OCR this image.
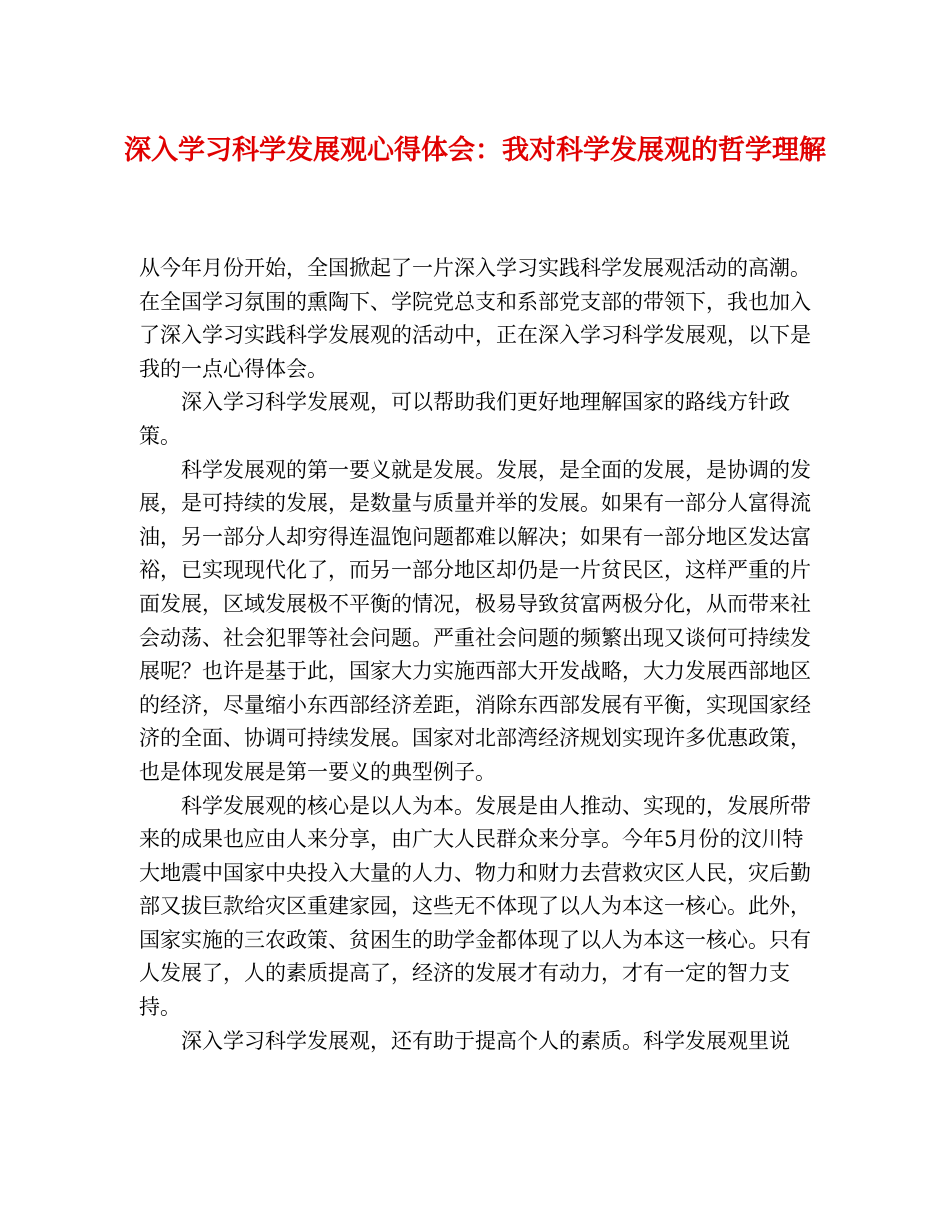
深入学习科学发展观心得体会：我对科学发展观的哲学理解

从今年月份开始，全国掀起了一片深入学习实践科学发展观活动的高潮。在全国学习氛围的熏陶下、学院党总支和系部党支部的带领下，我也加入了深入学习实践科学发展观的活动中，正在深入学习科学发展观，以下是我的一点心得体会。

深入学习科学发展观，可以帮助我们更好地理解国家的路线方针政策。

科学发展观的第一要义就是发展。发展，是全面的发展，是协调的发展，是可持续的发展，是数量与质量并举的发展。如果有一部分人富得流油，另一部分人却穷得连温饱问题都难以解决；如果有一部分地区发达富裕，已实现现代化了，而另一部分地区却仍是一片贫民区，这样严重的片面发展，区域发展极不平衡的情况，极易导致贫富两极分化，从而带来社会动荡、社会犯罪等社会问题。严重社会问题的频繁出现又谈何可持续发展呢？也许是基于此，国家大力实施西部大开发战略，大力发展西部地区的经济，尽量缩小东西部经济差距，消除东西部发展有平衡，实现国家经济的全面、协调可持续发展。国家对北部湾经济规划实现许多优惠政策，也是体现发展是第一要义的典型例子。

科学发展观的核心是以人为本。发展是由人推动、实现的，发展所带来的成果也应由人来分享，由广大人民群众来分享。今年5月份的汶川特大地震中国家中央投入大量的人力、物力和财力去营救灾区人民，灾后勤部又拔巨款给灾区重建家园，这些无不体现了以人为本这一核心。此外，国家实施的三农政策、贫困生的助学金都体现了以人为本这一核心。只有人发展了，人的素质提高了，经济的发展才有动力，才有一定的智力支持。

深入学习科学发展观，还有助于提高个人的素质。科学发展观里说
